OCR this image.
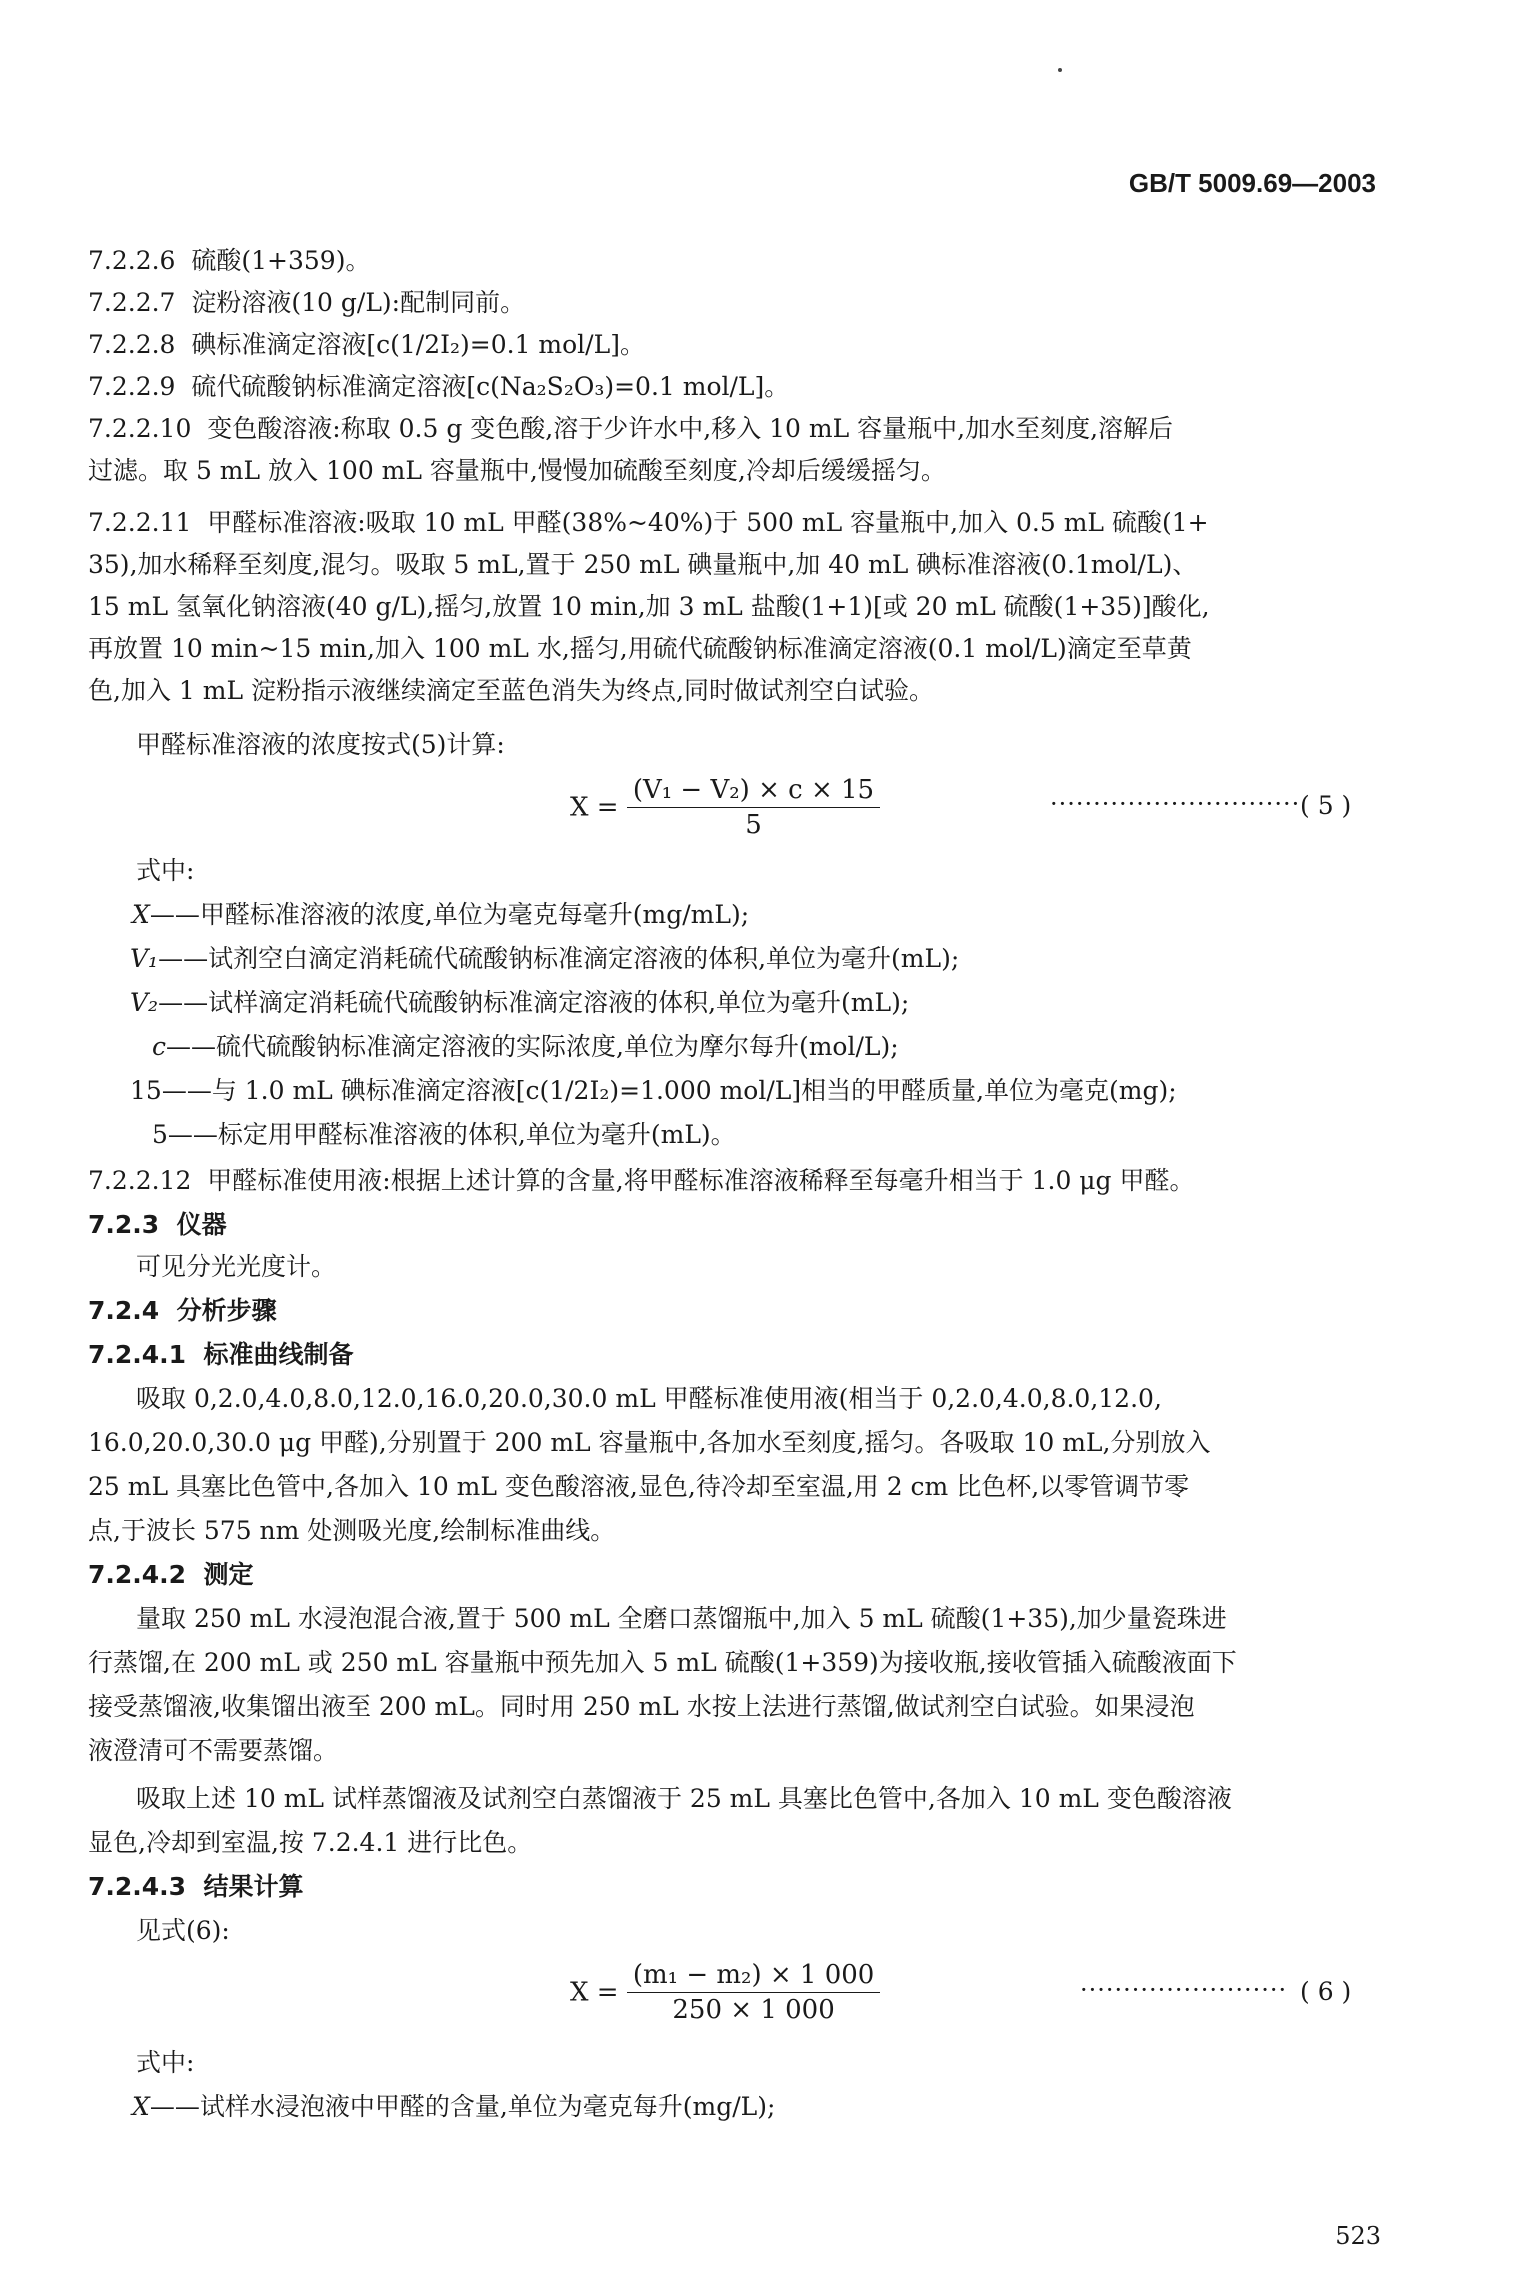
GB/T 5009.69—2003
7.2.2.6 硫酸(1+359)。
7.2.2.7 淀粉溶液(10 g/L):配制同前。
7.2.2.8 碘标准滴定溶液[c(1/2I₂)=0.1 mol/L]。
7.2.2.9 硫代硫酸钠标准滴定溶液[c(Na₂S₂O₃)=0.1 mol/L]。
7.2.2.10 变色酸溶液:称取 0.5 g 变色酸,溶于少许水中,移入 10 mL 容量瓶中,加水至刻度,溶解后
过滤。取 5 mL 放入 100 mL 容量瓶中,慢慢加硫酸至刻度,冷却后缓缓摇匀。
7.2.2.11 甲醛标准溶液:吸取 10 mL 甲醛(38%~40%)于 500 mL 容量瓶中,加入 0.5 mL 硫酸(1+
35),加水稀释至刻度,混匀。吸取 5 mL,置于 250 mL 碘量瓶中,加 40 mL 碘标准溶液(0.1mol/L)、
15 mL 氢氧化钠溶液(40 g/L),摇匀,放置 10 min,加 3 mL 盐酸(1+1)[或 20 mL 硫酸(1+35)]酸化,
再放置 10 min~15 min,加入 100 mL 水,摇匀,用硫代硫酸钠标准滴定溶液(0.1 mol/L)滴定至草黄
色,加入 1 mL 淀粉指示液继续滴定至蓝色消失为终点,同时做试剂空白试验。
甲醛标准溶液的浓度按式(5)计算:
$X = \frac{\text{(V₁ − V₂) × c × 15}}{5}$	····························· ( 5 )
式中:
X——甲醛标准溶液的浓度,单位为毫克每毫升(mg/mL);
V₁——试剂空白滴定消耗硫代硫酸钠标准滴定溶液的体积,单位为毫升(mL);
V₂——试样滴定消耗硫代硫酸钠标准滴定溶液的体积,单位为毫升(mL);
c——硫代硫酸钠标准滴定溶液的实际浓度,单位为摩尔每升(mol/L);
15——与 1.0 mL 碘标准滴定溶液[c(1/2I₂)=1.000 mol/L]相当的甲醛质量,单位为毫克(mg);
5——标定用甲醛标准溶液的体积,单位为毫升(mL)。
7.2.2.12 甲醛标准使用液:根据上述计算的含量,将甲醛标准溶液稀释至每毫升相当于 1.0 μg 甲醛。
7.2.3 仪器
可见分光光度计。
7.2.4 分析步骤
7.2.4.1 标准曲线制备
吸取 0,2.0,4.0,8.0,12.0,16.0,20.0,30.0 mL 甲醛标准使用液(相当于 0,2.0,4.0,8.0,12.0,
16.0,20.0,30.0 μg 甲醛),分别置于 200 mL 容量瓶中,各加水至刻度,摇匀。各吸取 10 mL,分别放入
25 mL 具塞比色管中,各加入 10 mL 变色酸溶液,显色,待冷却至室温,用 2 cm 比色杯,以零管调节零
点,于波长 575 nm 处测吸光度,绘制标准曲线。
7.2.4.2 测定
量取 250 mL 水浸泡混合液,置于 500 mL 全磨口蒸馏瓶中,加入 5 mL 硫酸(1+35),加少量瓷珠进
行蒸馏,在 200 mL 或 250 mL 容量瓶中预先加入 5 mL 硫酸(1+359)为接收瓶,接收管插入硫酸液面下
接受蒸馏液,收集馏出液至 200 mL。同时用 250 mL 水按上法进行蒸馏,做试剂空白试验。如果浸泡
液澄清可不需要蒸馏。
吸取上述 10 mL 试样蒸馏液及试剂空白蒸馏液于 25 mL 具塞比色管中,各加入 10 mL 变色酸溶液
显色,冷却到室温,按 7.2.4.1 进行比色。
7.2.4.3 结果计算
见式(6):
$X = \frac{\text{(m₁ − m₂) × 1 000}}{250 \times 1 000}$	························ ( 6 )
式中:
X——试样水浸泡液中甲醛的含量,单位为毫克每升(mg/L);
523
